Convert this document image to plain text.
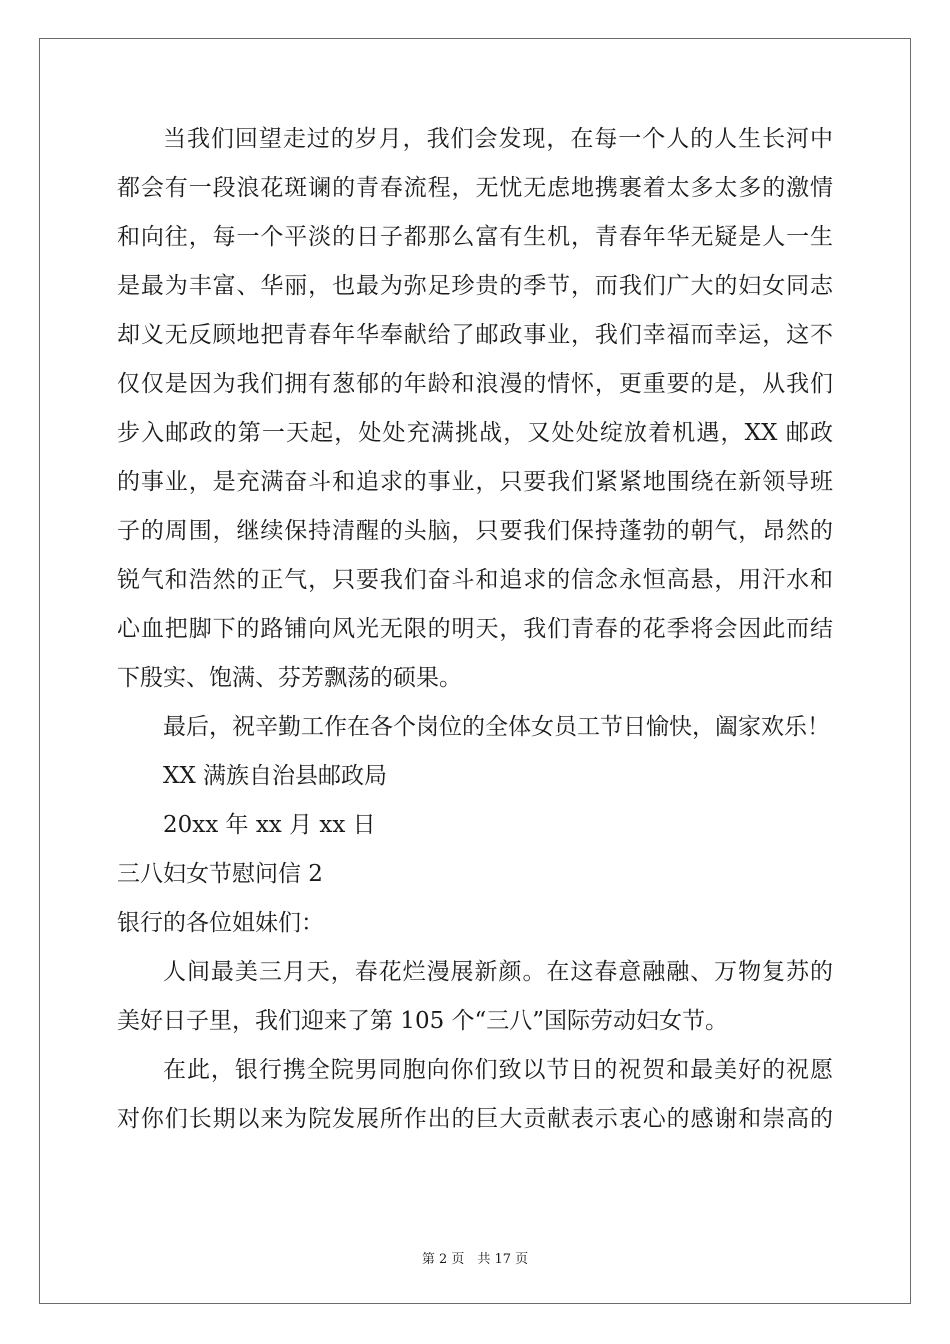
当我们回望走过的岁月，我们会发现，在每一个人的人生长河中
都会有一段浪花斑谰的青春流程，无忧无虑地携裹着太多太多的激情
和向往，每一个平淡的日子都那么富有生机，青春年华无疑是人一生
是最为丰富、华丽，也最为弥足珍贵的季节，而我们广大的妇女同志
却义无反顾地把青春年华奉献给了邮政事业，我们幸福而幸运，这不
仅仅是因为我们拥有葱郁的年龄和浪漫的情怀，更重要的是，从我们
步入邮政的第一天起，处处充满挑战，又处处绽放着机遇，XX 邮政
的事业，是充满奋斗和追求的事业，只要我们紧紧地围绕在新领导班
子的周围，继续保持清醒的头脑，只要我们保持蓬勃的朝气，昂然的
锐气和浩然的正气，只要我们奋斗和追求的信念永恒高悬，用汗水和
心血把脚下的路铺向风光无限的明天，我们青春的花季将会因此而结
下殷实、饱满、芬芳飘荡的硕果。
最后，祝辛勤工作在各个岗位的全体女员工节日愉快，阖家欢乐！
XX 满族自治县邮政局
20xx 年 xx 月 xx 日
三八妇女节慰问信 2
银行的各位姐妹们：
人间最美三月天，春花烂漫展新颜。在这春意融融、万物复苏的
美好日子里，我们迎来了第 105 个“三八”国际劳动妇女节。
在此，银行携全院男同胞向你们致以节日的祝贺和最美好的祝愿
对你们长期以来为院发展所作出的巨大贡献表示衷心的感谢和崇高的
第 2 页　共 17 页
